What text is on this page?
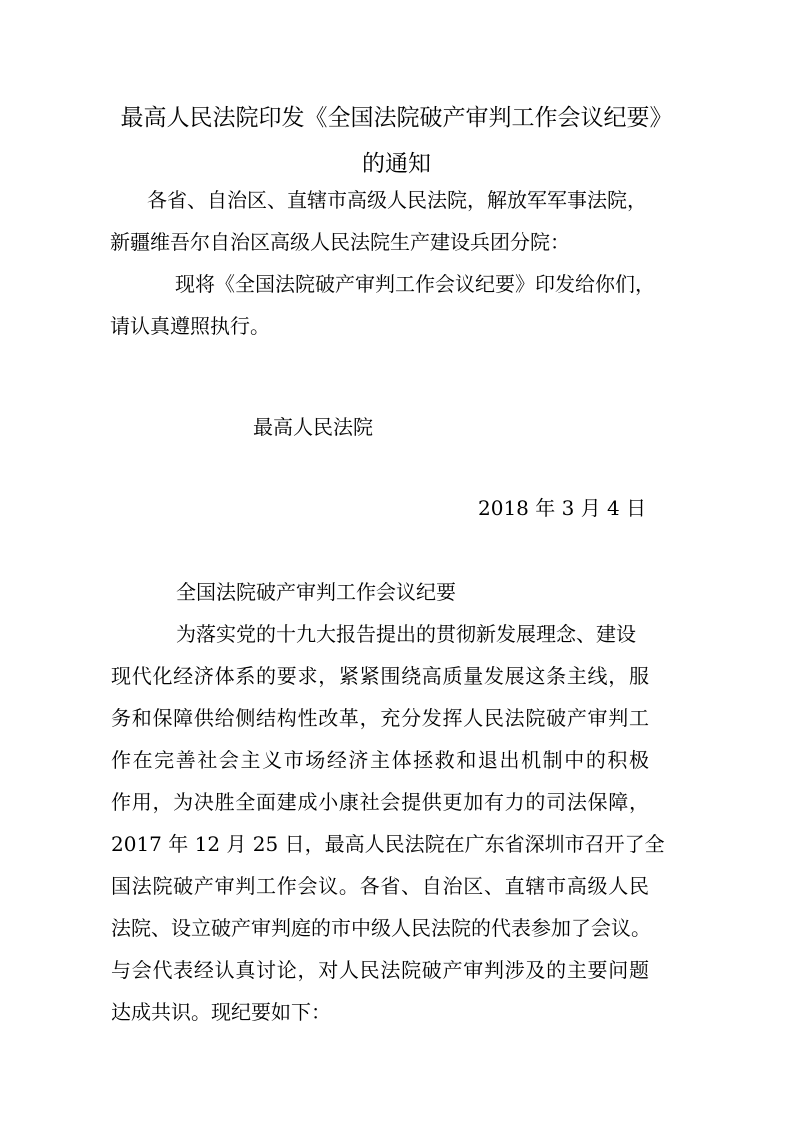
最高人民法院印发《全国法院破产审判工作会议纪要》
的通知
各省、自治区、直辖市高级人民法院，解放军军事法院，
新疆维吾尔自治区高级人民法院生产建设兵团分院：
现将《全国法院破产审判工作会议纪要》印发给你们，
请认真遵照执行。
最高人民法院
2018 年 3 月 4 日
全国法院破产审判工作会议纪要
为落实党的十九大报告提出的贯彻新发展理念、建设
现代化经济体系的要求，紧紧围绕高质量发展这条主线，服
务和保障供给侧结构性改革，充分发挥人民法院破产审判工
作在完善社会主义市场经济主体拯救和退出机制中的积极
作用，为决胜全面建成小康社会提供更加有力的司法保障，
2017 年 12 月 25 日，最高人民法院在广东省深圳市召开了全
国法院破产审判工作会议。各省、自治区、直辖市高级人民
法院、设立破产审判庭的市中级人民法院的代表参加了会议。
与会代表经认真讨论，对人民法院破产审判涉及的主要问题
达成共识。现纪要如下：
